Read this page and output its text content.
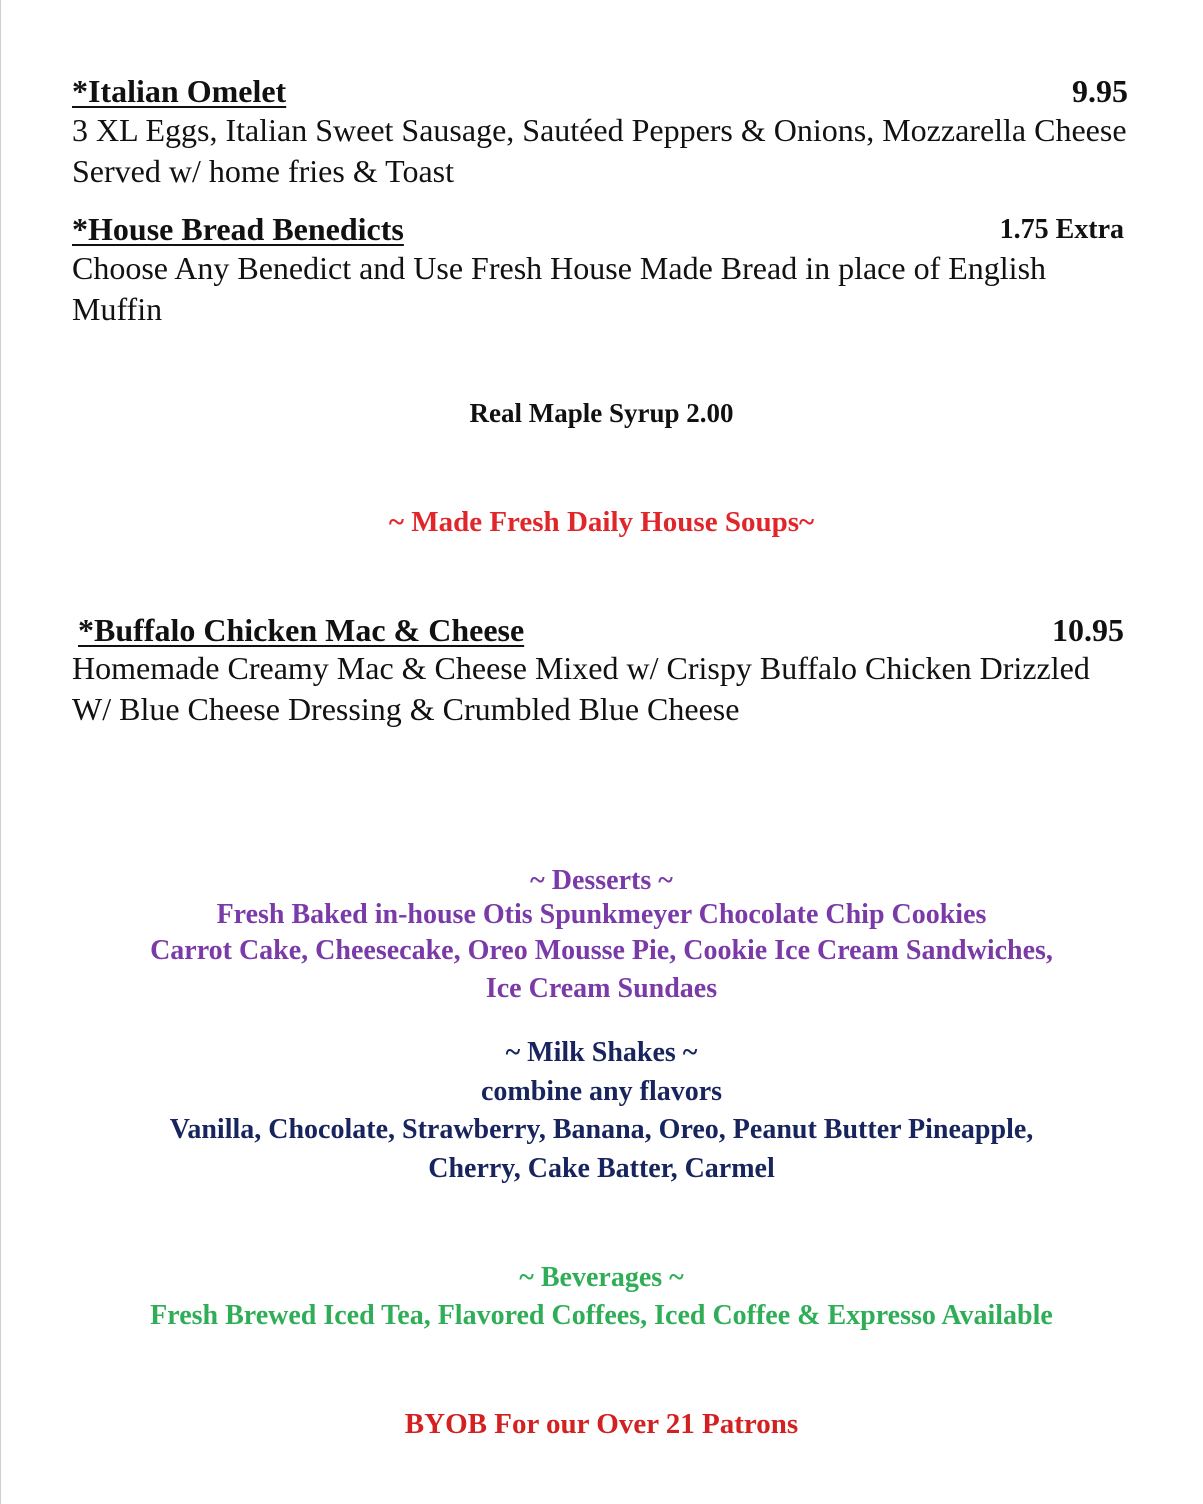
*Italian Omelet	9.95
3 XL Eggs, Italian Sweet Sausage, Sautéed Peppers & Onions, Mozzarella Cheese Served w/ home fries & Toast
*House Bread Benedicts	1.75 Extra
Choose Any Benedict and Use Fresh House Made Bread in place of English Muffin
Real Maple Syrup 2.00
~ Made Fresh Daily House Soups~
*Buffalo Chicken Mac & Cheese	10.95
Homemade Creamy Mac & Cheese Mixed w/ Crispy Buffalo Chicken Drizzled W/ Blue Cheese Dressing & Crumbled Blue Cheese
~ Desserts ~
Fresh Baked in-house Otis Spunkmeyer Chocolate Chip Cookies
Carrot Cake, Cheesecake, Oreo Mousse Pie, Cookie Ice Cream Sandwiches,
Ice Cream Sundaes
~ Milk Shakes ~
combine any flavors
Vanilla, Chocolate, Strawberry, Banana, Oreo, Peanut Butter Pineapple,
Cherry, Cake Batter, Carmel
~ Beverages ~
Fresh Brewed Iced Tea, Flavored Coffees, Iced Coffee & Expresso Available
BYOB For our Over 21 Patrons
